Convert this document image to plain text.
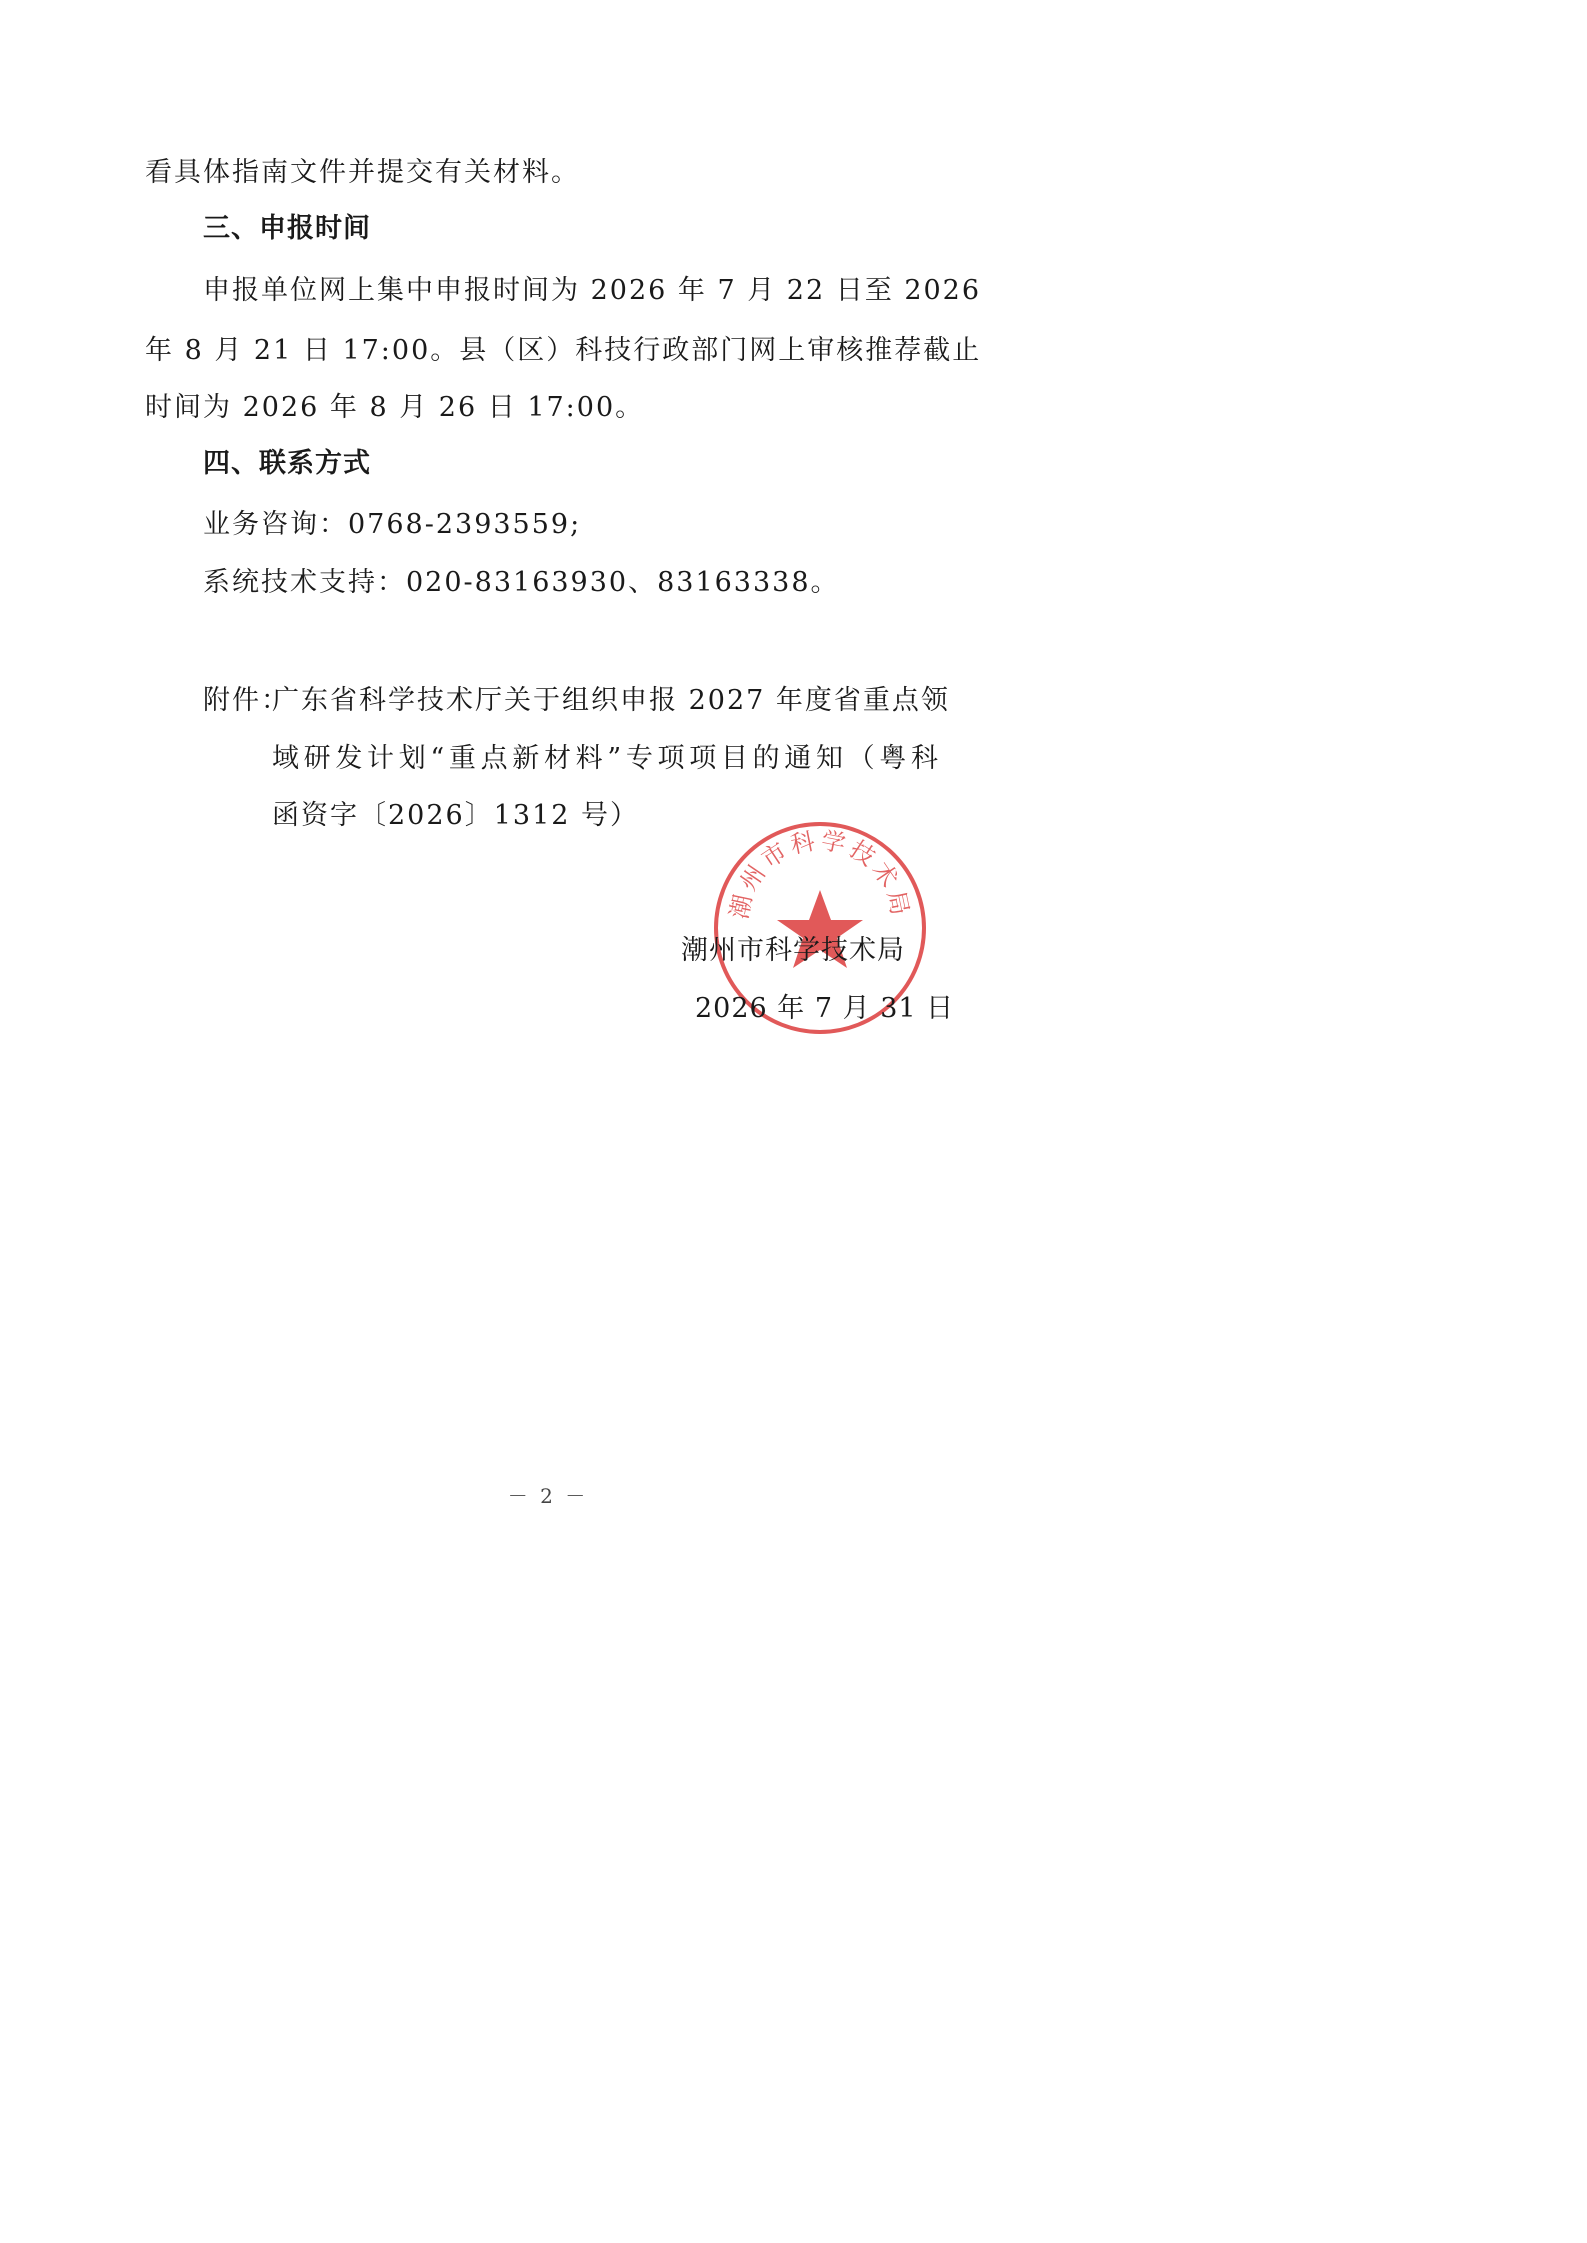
看具体指南文件并提交有关材料。
三、申报时间
申报单位网上集中申报时间为 2026 年 7 月 22 日至 2026
年 8 月 21 日 17:00。县（区）科技行政部门网上审核推荐截止
时间为 2026 年 8 月 26 日 17:00。
四、联系方式
业务咨询：0768-2393559;
系统技术支持：020-83163930、83163338。
附件：
广东省科学技术厅关于组织申报 2027 年度省重点领
域研发计划“重点新材料”专项项目的通知（粤科
函资字〔2026〕1312 号）
潮州市科学技术局
潮州市科学技术局
2026 年 7 月 31 日
－ 2 －
